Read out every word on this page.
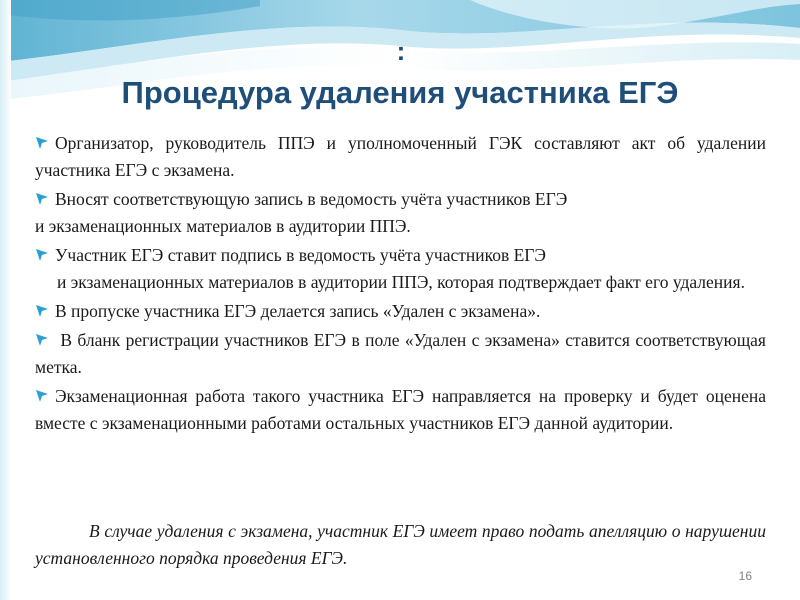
:
Процедура удаления участника ЕГЭ
Организатор, руководитель ППЭ и уполномоченный ГЭК составляют акт об удалении участника ЕГЭ с экзамена.
Вносят соответствующую запись в ведомость учёта участников ЕГЭ
и экзаменационных материалов в аудитории ППЭ.
Участник ЕГЭ ставит подпись в ведомость учёта участников ЕГЭ
и экзаменационных материалов в аудитории ППЭ, которая подтверждает факт его удаления.
В пропуске участника ЕГЭ делается запись «Удален с экзамена».
В бланк регистрации участников ЕГЭ в поле «Удален с экзамена» ставится соответствующая метка.
Экзаменационная работа такого участника ЕГЭ направляется на проверку и будет оценена вместе с экзаменационными работами остальных участников ЕГЭ данной аудитории.
В случае удаления с экзамена, участник ЕГЭ имеет право подать апелляцию о нарушении установленного порядка проведения ЕГЭ.
16
